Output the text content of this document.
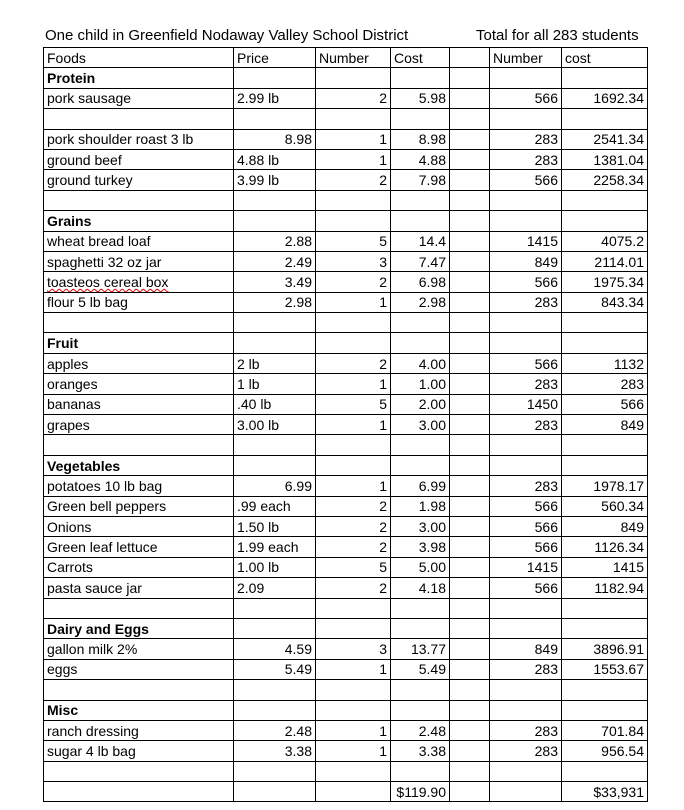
One child in Greenfield Nodaway Valley School District	Total for all 283 students
Foods	Price	Number	Cost		Number	cost
Protein						
pork sausage	2.99 lb	2	5.98		566	1692.34

pork shoulder roast 3 lb	8.98	1	8.98		283	2541.34
ground beef	4.88 lb	1	4.88		283	1381.04
ground turkey	3.99 lb	2	7.98		566	2258.34

Grains						
wheat bread loaf	2.88	5	14.4		1415	4075.2
spaghetti 32 oz jar	2.49	3	7.47		849	2114.01
toasteos cereal box	3.49	2	6.98		566	1975.34
flour 5 lb bag	2.98	1	2.98		283	843.34

Fruit						
apples	2 lb	2	4.00		566	1132
oranges	1 lb	1	1.00		283	283
bananas	.40 lb	5	2.00		1450	566
grapes	3.00 lb	1	3.00		283	849

Vegetables						
potatoes 10 lb bag	6.99	1	6.99		283	1978.17
Green bell peppers	.99 each	2	1.98		566	560.34
Onions	1.50 lb	2	3.00		566	849
Green leaf lettuce	1.99 each	2	3.98		566	1126.34
Carrots	1.00 lb	5	5.00		1415	1415
pasta sauce jar	2.09	2	4.18		566	1182.94

Dairy and Eggs						
gallon milk 2%	4.59	3	13.77		849	3896.91
eggs	5.49	1	5.49		283	1553.67

Misc						
ranch dressing	2.48	1	2.48		283	701.84
sugar 4 lb bag	3.38	1	3.38		283	956.54

			$119.90			$33,931
